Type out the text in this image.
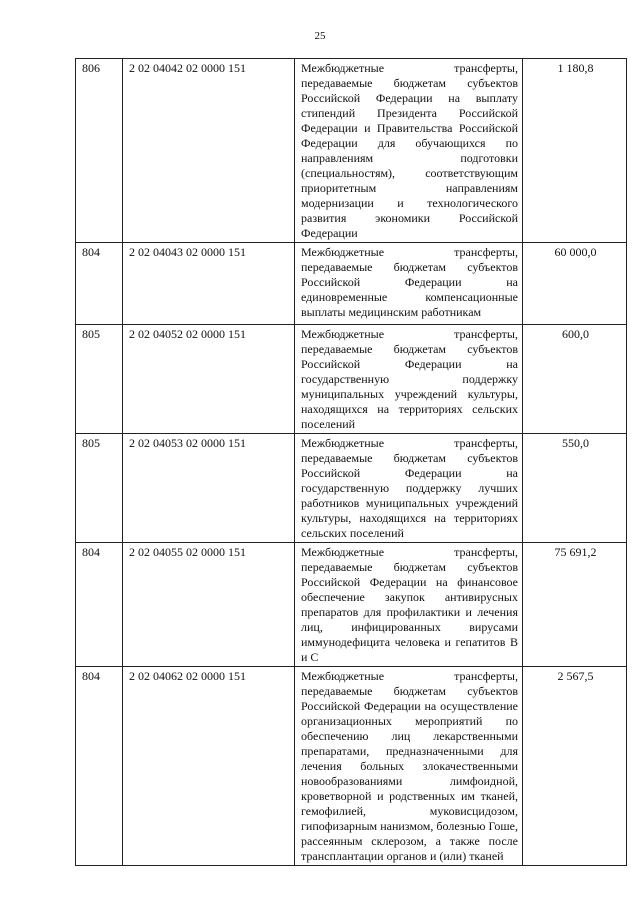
25
806	2 02 04042 02 0000 151	Межбюджетные трансферты, передаваемые бюджетам субъектов Российской Федерации на выплату стипендий Президента Российской Федерации и Правительства Российской Федерации для обучающихся по направлениям подготовки (специальностям), соответствующим приоритетным направлениям модернизации и технологического развития экономики Российской Федерации	1 180,8
804	2 02 04043 02 0000 151	Межбюджетные трансферты, передаваемые бюджетам субъектов Российской Федерации на единовременные компенсационные выплаты медицинским работникам	60 000,0
805	2 02 04052 02 0000 151	Межбюджетные трансферты, передаваемые бюджетам субъектов Российской Федерации на государственную поддержку муниципальных учреждений культуры, находящихся на территориях сельских поселений	600,0
805	2 02 04053 02 0000 151	Межбюджетные трансферты, передаваемые бюджетам субъектов Российской Федерации на государственную поддержку лучших работников муниципальных учреждений культуры, находящихся на территориях сельских поселений	550,0
804	2 02 04055 02 0000 151	Межбюджетные трансферты, передаваемые бюджетам субъектов Российской Федерации на финансовое обеспечение закупок антивирусных препаратов для профилактики и лечения лиц, инфицированных вирусами иммунодефицита человека и гепатитов B и C	75 691,2
804	2 02 04062 02 0000 151	Межбюджетные трансферты, передаваемые бюджетам субъектов Российской Федерации на осуществление организационных мероприятий по обеспечению лиц лекарственными препаратами, предназначенными для лечения больных злокачественными новообразованиями лимфоидной, кроветворной и родственных им тканей, гемофилией, муковисцидозом, гипофизарным нанизмом, болезнью Гоше, рассеянным склерозом, а также после трансплантации органов и (или) тканей	2 567,5
